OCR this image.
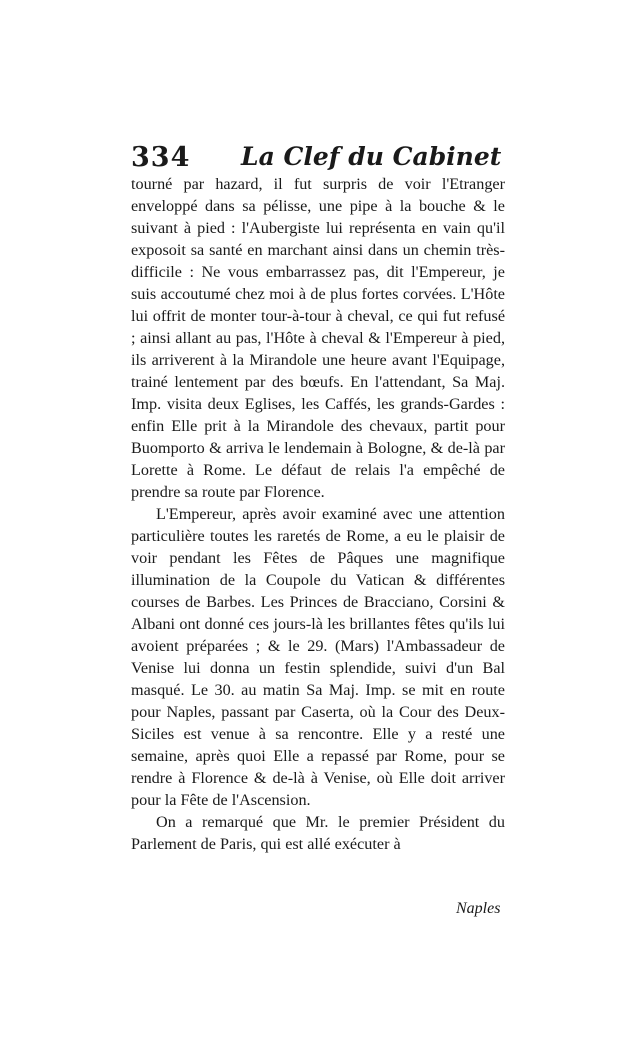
334 La Clef du Cabinet

tourné par hazard, il fut surpris de voir l'Etranger enveloppé dans sa pélisse, une pipe à la bouche & le suivant à pied : l'Aubergiste lui représenta en vain qu'il exposoit sa santé en marchant ainsi dans un chemin très-difficile : Ne vous embarrassez pas, dit l'Empereur, je suis accoutumé chez moi à de plus fortes corvées. L'Hôte lui offrit de monter tour-à-tour à cheval, ce qui fut refusé ; ainsi allant au pas, l'Hôte à cheval & l'Empereur à pied, ils arriverent à la Mirandole une heure avant l'Equipage, trainé lentement par des bœufs. En l'attendant, Sa Maj. Imp. visita deux Eglises, les Caffés, les grands-Gardes : enfin Elle prit à la Mirandole des chevaux, partit pour Buomporto & arriva le lendemain à Bologne, & de-là par Lorette à Rome. Le défaut de relais l'a empêché de prendre sa route par Florence.

L'Empereur, après avoir examiné avec une attention particulière toutes les raretés de Rome, a eu le plaisir de voir pendant les Fêtes de Pâques une magnifique illumination de la Coupole du Vatican & différentes courses de Barbes. Les Princes de Bracciano, Corsini & Albani ont donné ces jours-là les brillantes fêtes qu'ils lui avoient préparées ; & le 29. (Mars) l'Ambassadeur de Venise lui donna un festin splendide, suivi d'un Bal masqué. Le 30. au matin Sa Maj. Imp. se mit en route pour Naples, passant par Caserta, où la Cour des Deux-Siciles est venue à sa rencontre. Elle y a resté une semaine, après quoi Elle a repassé par Rome, pour se rendre à Florence & de-là à Venise, où Elle doit arriver pour la Fête de l'Ascension.

On a remarqué que Mr. le premier Président du Parlement de Paris, qui est allé exécuter à

Naples
